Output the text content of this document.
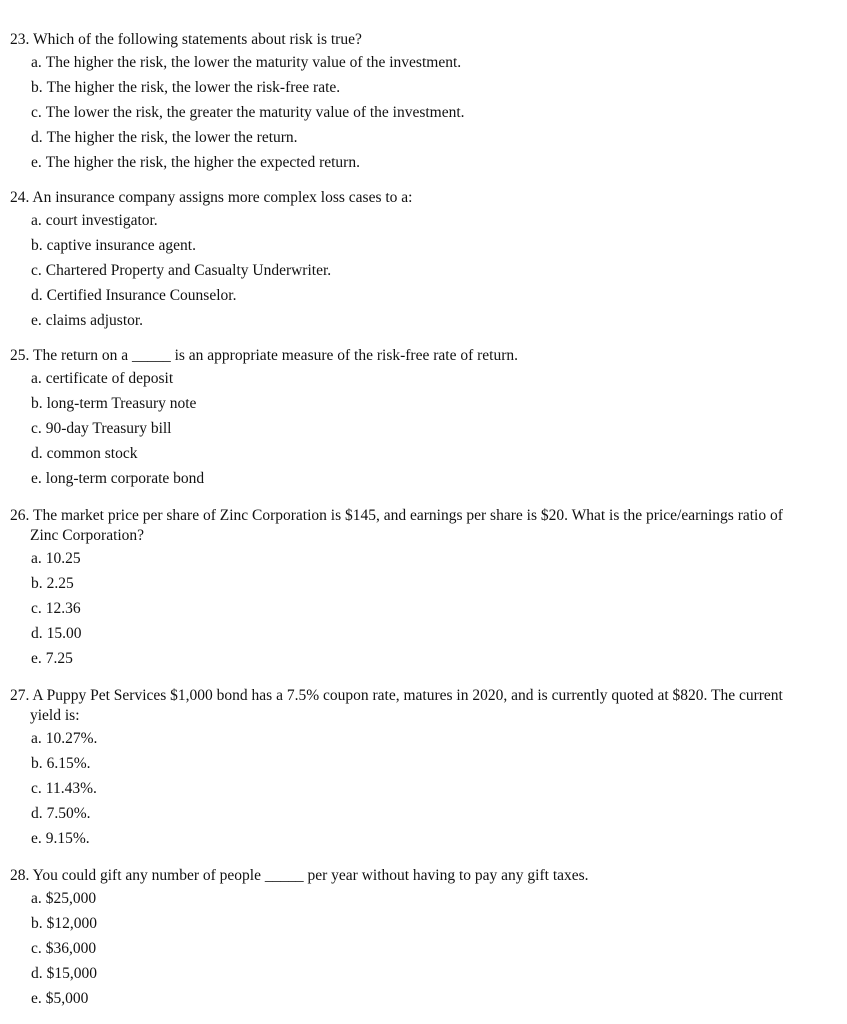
23. Which of the following statements about risk is true?

a. The higher the risk, the lower the maturity value of the investment.
b. The higher the risk, the lower the risk-free rate.
c. The lower the risk, the greater the maturity value of the investment.
d. The higher the risk, the lower the return.
e. The higher the risk, the higher the expected return.

24. An insurance company assigns more complex loss cases to a:

a. court investigator.
b. captive insurance agent.
c. Chartered Property and Casualty Underwriter.
d. Certified Insurance Counselor.
e. claims adjustor.

25. The return on a _____ is an appropriate measure of the risk-free rate of return.

a. certificate of deposit
b. long-term Treasury note
c. 90-day Treasury bill
d. common stock
e. long-term corporate bond

26. The market price per share of Zinc Corporation is $145, and earnings per share is $20. What is the price/earnings ratio of Zinc Corporation?

a. 10.25
b. 2.25
c. 12.36
d. 15.00
e. 7.25

27. A Puppy Pet Services $1,000 bond has a 7.5% coupon rate, matures in 2020, and is currently quoted at $820. The current yield is:

a. 10.27%.
b. 6.15%.
c. 11.43%.
d. 7.50%.
e. 9.15%.

28. You could gift any number of people _____ per year without having to pay any gift taxes.

a. $25,000
b. $12,000
c. $36,000
d. $15,000
e. $5,000
